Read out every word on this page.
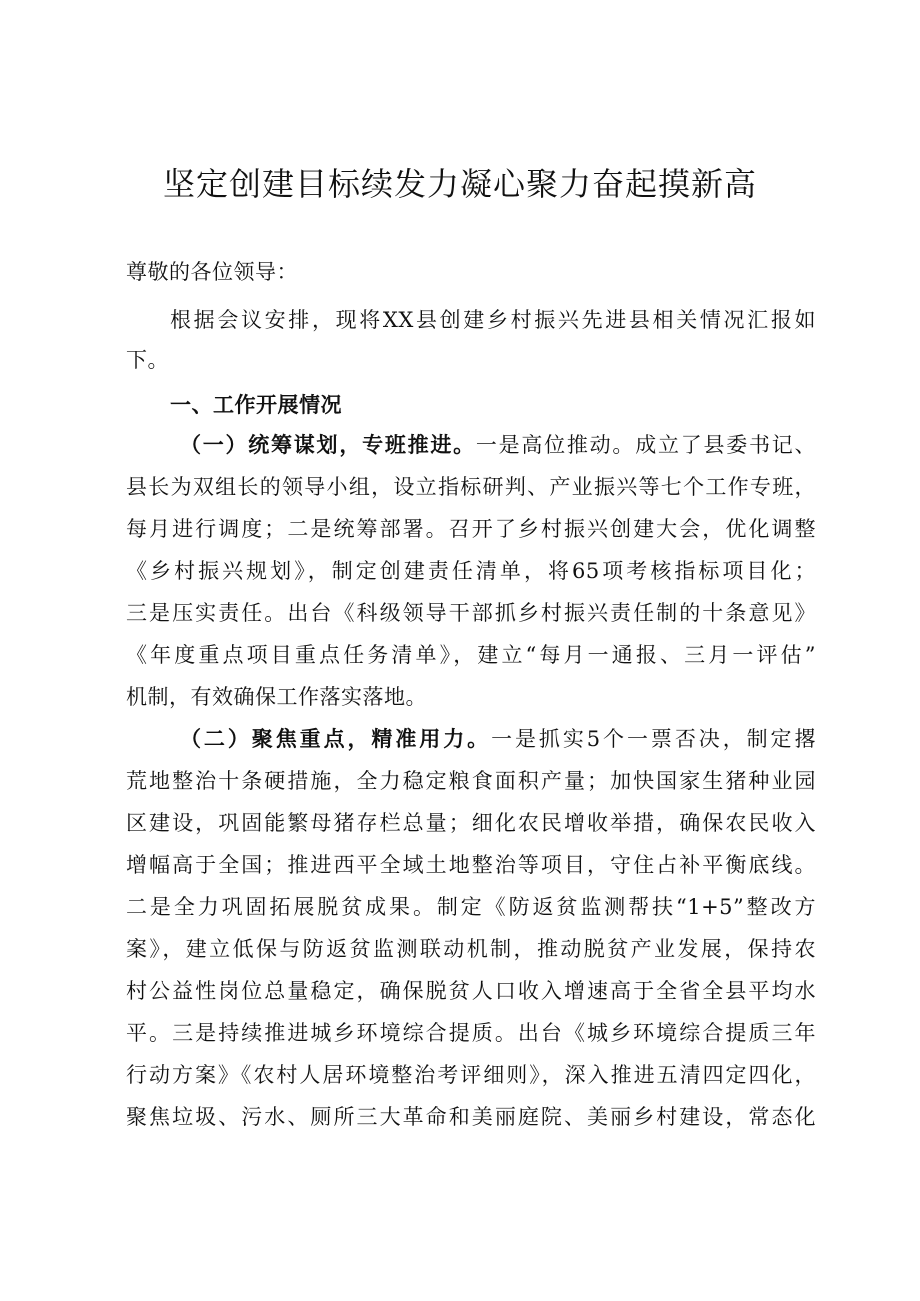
坚定创建目标续发力凝心聚力奋起摸新高
尊敬的各位领导：
根据会议安排，现将XX县创建乡村振兴先进县相关情况汇报如
下。
一、工作开展情况
（一）统筹谋划，专班推进。一是高位推动。成立了县委书记、
县长为双组长的领导小组，设立指标研判、产业振兴等七个工作专班，
每月进行调度；二是统筹部署。召开了乡村振兴创建大会，优化调整
《乡村振兴规划》，制定创建责任清单，将65项考核指标项目化；
三是压实责任。出台《科级领导干部抓乡村振兴责任制的十条意见》
《年度重点项目重点任务清单》，建立“每月一通报、三月一评估”
机制，有效确保工作落实落地。
（二）聚焦重点，精准用力。一是抓实5个一票否决，制定撂
荒地整治十条硬措施，全力稳定粮食面积产量；加快国家生猪种业园
区建设，巩固能繁母猪存栏总量；细化农民增收举措，确保农民收入
增幅高于全国；推进西平全域土地整治等项目，守住占补平衡底线。
二是全力巩固拓展脱贫成果。制定《防返贫监测帮扶“1+5”整改方
案》，建立低保与防返贫监测联动机制，推动脱贫产业发展，保持农
村公益性岗位总量稳定，确保脱贫人口收入增速高于全省全县平均水
平。三是持续推进城乡环境综合提质。出台《城乡环境综合提质三年
行动方案》《农村人居环境整治考评细则》，深入推进五清四定四化，
聚焦垃圾、污水、厕所三大革命和美丽庭院、美丽乡村建设，常态化
